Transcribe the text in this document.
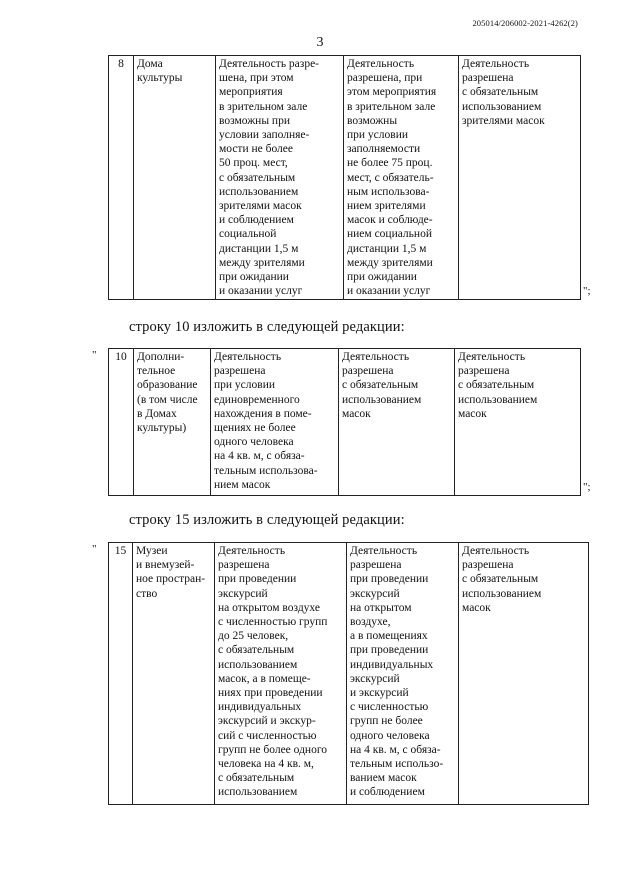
205014/206002-2021-4262(2)
3
8	Дома
культуры

Деятельность разре-
шена, при этом
мероприятия
в зрительном зале
возможны при
условии заполняе-
мости не более
50 проц. мест,
с обязательным
использованием
зрителями масок
и соблюдением
социальной
дистанции 1,5 м
между зрителями
при ожидании
и оказании услуг

Деятельность
разрешена, при
этом мероприятия
в зрительном зале
возможны
при условии
заполняемости
не более 75 проц.
мест, с обязатель-
ным использова-
нием зрителями
масок и соблюде-
нием социальной
дистанции 1,5 м
между зрителями
при ожидании
и оказании услуг

Деятельность
разрешена
с обязательным
использованием
зрителями масок
";
строку 10 изложить в следующей редакции:
" 10	Дополни-
тельное
образование
(в том числе
в Домах
культуры)

Деятельность
разрешена
при условии
единовременного
нахождения в поме-
щениях не более
одного человека
на 4 кв. м, с обяза-
тельным использова-
нием масок

Деятельность
разрешена
с обязательным
использованием
масок

Деятельность
разрешена
с обязательным
использованием
масок
";
строку 15 изложить в следующей редакции:
" 15	Музеи
и внемузей-
ное простран-
ство

Деятельность
разрешена
при проведении
экскурсий
на открытом воздухе
с численностью групп
до 25 человек,
с обязательным
использованием
масок, а в помеще-
ниях при проведении
индивидуальных
экскурсий и экскур-
сий с численностью
групп не более одного
человека на 4 кв. м,
с обязательным
использованием

Деятельность
разрешена
при проведении
экскурсий
на открытом
воздухе,
а в помещениях
при проведении
индивидуальных
экскурсий
и экскурсий
с численностью
групп не более
одного человека
на 4 кв. м, с обяза-
тельным использо-
ванием масок
и соблюдением

Деятельность
разрешена
с обязательным
использованием
масок
